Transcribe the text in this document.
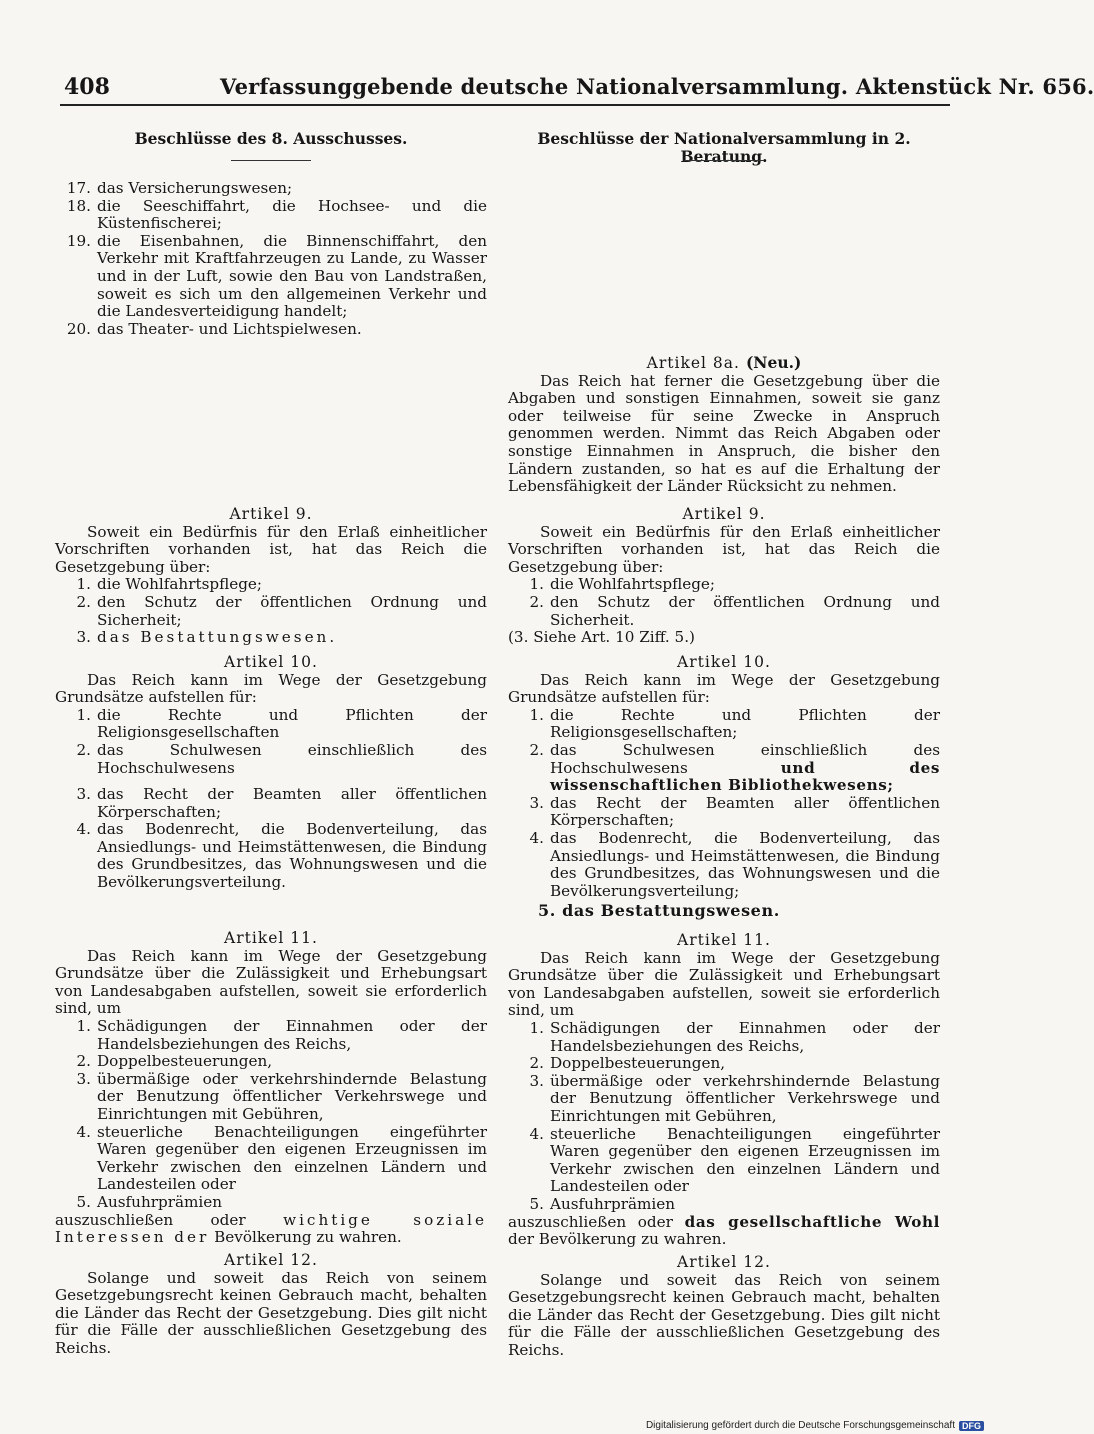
408	Verfassunggebende deutsche Nationalversammlung. Aktenstück Nr. 656.
Beschlüsse des 8. Ausschusses.
17. das Versicherungswesen;
18. die Seeschiffahrt, die Hochsee- und die Küstenfischerei;
19. die Eisenbahnen, die Binnenschiffahrt, den Verkehr mit Kraftfahrzeugen zu Lande, zu Wasser und in der Luft, sowie den Bau von Landstraßen, soweit es sich um den allgemeinen Verkehr und die Landesverteidigung handelt;
20. das Theater- und Lichtspielwesen.
Artikel 9.

Soweit ein Bedürfnis für den Erlaß einheitlicher Vorschriften vorhanden ist, hat das Reich die Gesetzgebung über:

1. die Wohlfahrtspflege;
2. den Schutz der öffentlichen Ordnung und Sicherheit;
3. das Bestattungswesen.
Artikel 10.

Das Reich kann im Wege der Gesetzgebung Grundsätze aufstellen für:

1. die Rechte und Pflichten der Religionsgesellschaften
2. das Schulwesen einschließlich des Hochschulwesens
3. das Recht der Beamten aller öffentlichen Körperschaften;
4. das Bodenrecht, die Bodenverteilung, das Ansiedlungs- und Heimstättenwesen, die Bindung des Grundbesitzes, das Wohnungswesen und die Bevölkerungsverteilung.
Artikel 11.

Das Reich kann im Wege der Gesetzgebung Grundsätze über die Zulässigkeit und Erhebungsart von Landesabgaben aufstellen, soweit sie erforderlich sind, um

1. Schädigungen der Einnahmen oder der Handelsbeziehungen des Reichs,
2. Doppelbesteuerungen,
3. übermäßige oder verkehrshindernde Belastung der Benutzung öffentlicher Verkehrswege und Einrichtungen mit Gebühren,
4. steuerliche Benachteiligungen eingeführter Waren gegenüber den eigenen Erzeugnissen im Verkehr zwischen den einzelnen Ländern und Landesteilen oder
5. Ausfuhrprämien

auszuschließen oder wichtige soziale Interessen der Bevölkerung zu wahren.

Artikel 12.

Solange und soweit das Reich von seinem Gesetzgebungsrecht keinen Gebrauch macht, behalten die Länder das Recht der Gesetzgebung. Dies gilt nicht für die Fälle der ausschließlichen Gesetzgebung des Reichs.

Beschlüsse der Nationalversammlung in 2. Beratung.
Artikel 8a. (Neu.)

Das Reich hat ferner die Gesetzgebung über die Abgaben und sonstigen Einnahmen, soweit sie ganz oder teilweise für seine Zwecke in Anspruch genommen werden. Nimmt das Reich Abgaben oder sonstige Einnahmen in Anspruch, die bisher den Ländern zustanden, so hat es auf die Erhaltung der Lebensfähigkeit der Länder Rücksicht zu nehmen.

Artikel 9.

Soweit ein Bedürfnis für den Erlaß einheitlicher Vorschriften vorhanden ist, hat das Reich die Gesetzgebung über:

1. die Wohlfahrtspflege;
2. den Schutz der öffentlichen Ordnung und Sicherheit.
(3. Siehe Art. 10 Ziff. 5.)
Artikel 10.

Das Reich kann im Wege der Gesetzgebung Grundsätze aufstellen für:

1. die Rechte und Pflichten der Religionsgesellschaften;
2. das Schulwesen einschließlich des Hochschulwesens	und des wissenschaftlichen Bibliothekwesens;
3. das Recht der Beamten aller öffentlichen Körperschaften;
4. das Bodenrecht, die Bodenverteilung, das Ansiedlungs- und Heimstättenwesen, die Bindung des Grundbesitzes, das Wohnungswesen und die Bevölkerungsverteilung;
5. das Bestattungswesen.
Artikel 11.

Das Reich kann im Wege der Gesetzgebung Grundsätze über die Zulässigkeit und Erhebungsart von Landesabgaben aufstellen, soweit sie erforderlich sind, um

1. Schädigungen der Einnahmen oder der Handelsbeziehungen des Reichs,
2. Doppelbesteuerungen,
3. übermäßige oder verkehrshindernde Belastung der Benutzung öffentlicher Verkehrswege und Einrichtungen mit Gebühren,
4. steuerliche Benachteiligungen eingeführter Waren gegenüber den eigenen Erzeugnissen im Verkehr zwischen den einzelnen Ländern und Landesteilen oder
5. Ausfuhrprämien

auszuschließen oder das gesellschaftliche Wohl der Bevölkerung zu wahren.

Artikel 12.

Solange und soweit das Reich von seinem Gesetzgebungsrecht keinen Gebrauch macht, behalten die Länder das Recht der Gesetzgebung. Dies gilt nicht für die Fälle der ausschließlichen Gesetzgebung des Reichs.

Digitalisierung gefördert durch die Deutsche Forschungsgemeinschaft DFG
